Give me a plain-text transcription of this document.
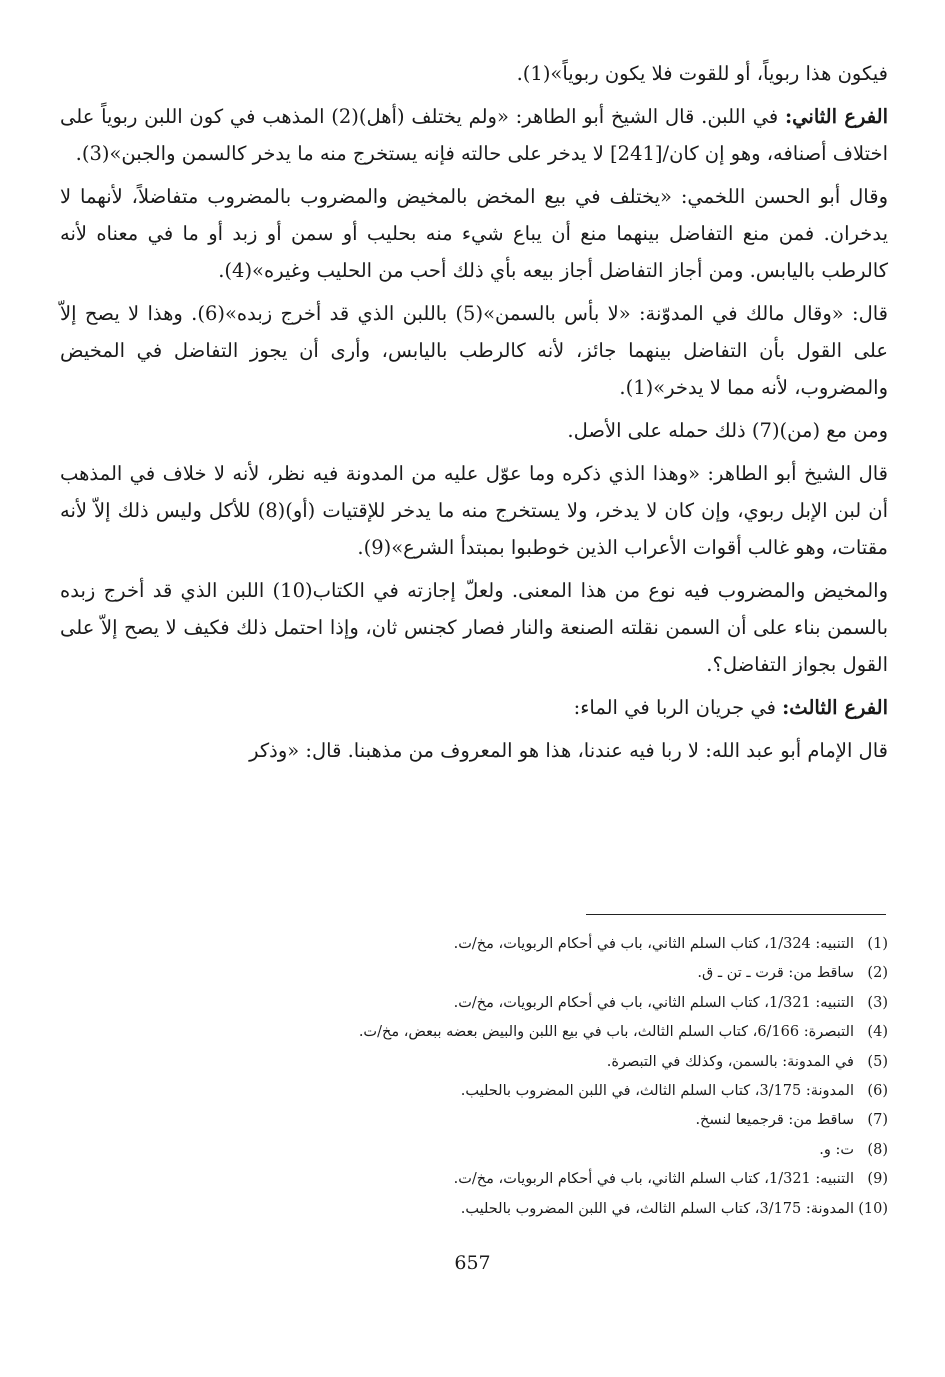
فيكون هذا ربوياً، أو للقوت فلا يكون ربوياً»(1).

الفرع الثاني: في اللبن. قال الشيخ أبو الطاهر: «ولم يختلف (أهل)(2) المذهب في كون اللبن ربوياً على اختلاف أصنافه، وهو إن كان/[241] لا يدخر على حالته فإنه يستخرج منه ما يدخر كالسمن والجبن»(3).

وقال أبو الحسن اللخمي: «يختلف في بيع المخض بالمخيض والمضروب بالمضروب متفاضلاً، لأنهما لا يدخران. فمن منع التفاضل بينهما منع أن يباع شيء منه بحليب أو سمن أو زبد أو ما في معناه لأنه كالرطب باليابس. ومن أجاز التفاضل أجاز بيعه بأي ذلك أحب من الحليب وغيره»(4).

قال: «وقال مالك في المدوّنة: «لا بأس بالسمن»(5) باللبن الذي قد أخرج زبده»(6). وهذا لا يصح إلاّ على القول بأن التفاضل بينهما جائز، لأنه كالرطب باليابس، وأرى أن يجوز التفاضل في المخيض والمضروب، لأنه مما لا يدخر»(1).

ومن مع (من)(7) ذلك حمله على الأصل.

قال الشيخ أبو الطاهر: «وهذا الذي ذكره وما عوّل عليه من المدونة فيه نظر، لأنه لا خلاف في المذهب أن لبن الإبل ربوي، وإن كان لا يدخر، ولا يستخرج منه ما يدخر للإقتيات (أو)(8) للأكل وليس ذلك إلاّ لأنه مقتات، وهو غالب أقوات الأعراب الذين خوطبوا بمبتدأ الشرع»(9).

والمخيض والمضروب فيه نوع من هذا المعنى. ولعلّ إجازته في الكتاب(10) اللبن الذي قد أخرج زبده بالسمن بناء على أن السمن نقلته الصنعة والنار فصار كجنس ثان، وإذا احتمل ذلك فكيف لا يصح إلاّ على القول بجواز التفاضل؟.

الفرع الثالث: في جريان الربا في الماء:

قال الإمام أبو عبد الله: لا ربا فيه عندنا، هذا هو المعروف من مذهبنا. قال: «وذكر

(1)
التنبيه: 1/324، كتاب السلم الثاني، باب في أحكام الربويات، مخ/ت.
(2)
ساقط من: قرت ـ تن ـ ق.
(3)
التنبيه: 1/321، كتاب السلم الثاني، باب في أحكام الربويات، مخ/ت.
(4)
التبصرة: 6/166، كتاب السلم الثالث، باب في بيع اللبن والبيض بعضه ببعض، مخ/ت.
(5)
في المدونة: بالسمن، وكذلك في التبصرة.
(6)
المدونة: 3/175، كتاب السلم الثالث، في اللبن المضروب بالحليب.
(7)
ساقط من: قرجميعا لنسخ.
(8)
ت: و.
(9)
التنبيه: 1/321، كتاب السلم الثاني، باب في أحكام الربويات، مخ/ت.
(10)
المدونة: 3/175، كتاب السلم الثالث، في اللبن المضروب بالحليب.
657
